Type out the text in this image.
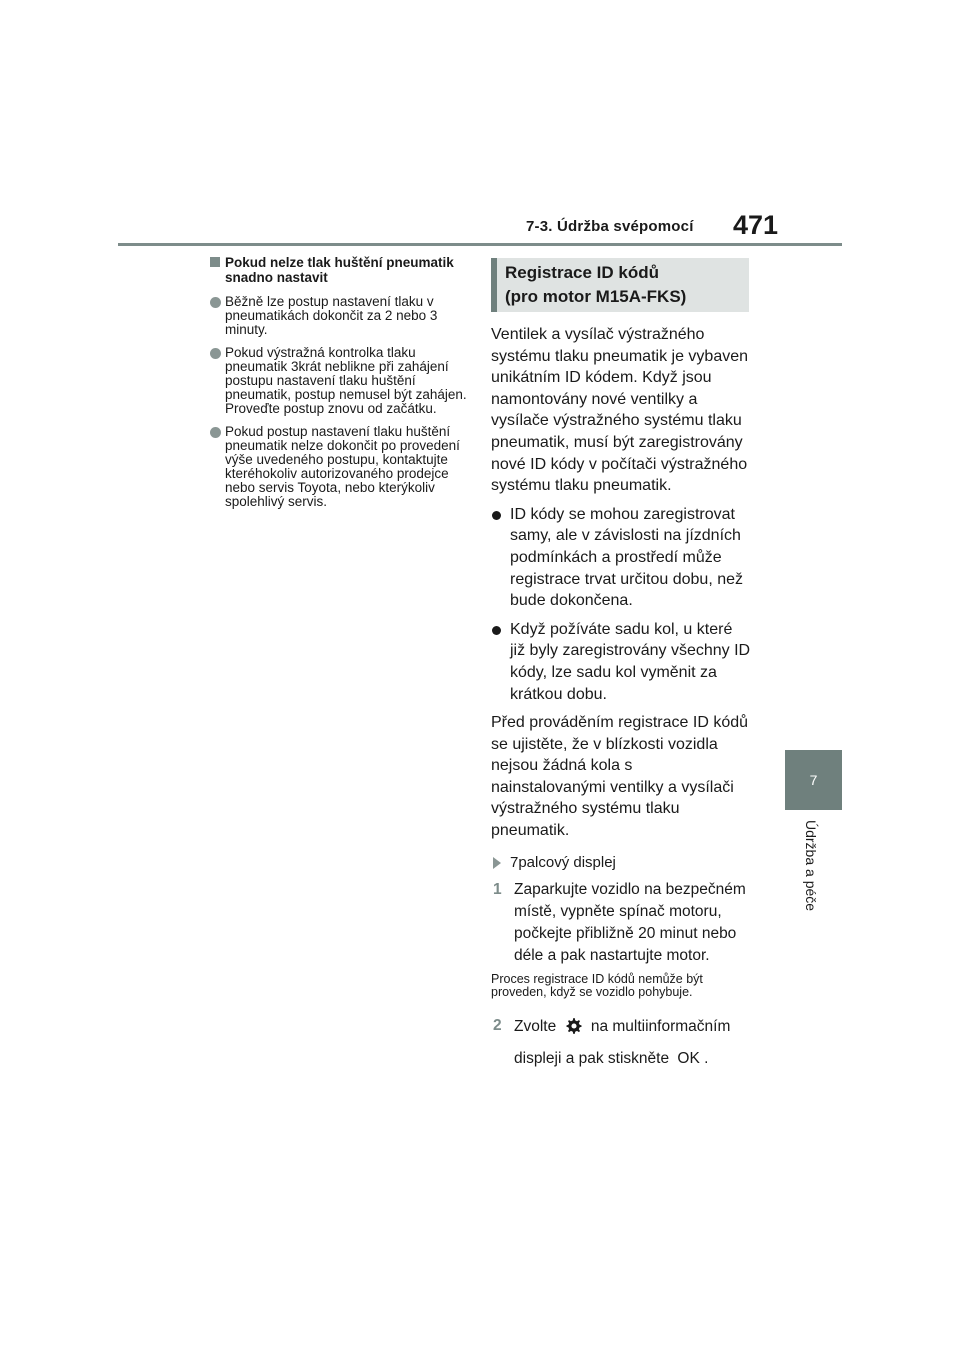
7-3. Údržba svépomocí 471
7
Údržba a péče
Pokud nelze tlak huštění pneumatik snadno nastavit
Běžně lze postup nastavení tlaku v pneumatikách dokončit za 2 nebo 3 minuty.
Pokud výstražná kontrolka tlaku pneumatik 3krát neblikne při zahájení postupu nastavení tlaku huštění pneumatik, postup nemusel být zahájen. Proveďte postup znovu od začátku.
Pokud postup nastavení tlaku huštění pneumatik nelze dokončit po provedení výše uvedeného postupu, kontaktujte kteréhokoliv autorizovaného prodejce nebo servis Toyota, nebo kterýkoliv spolehlivý servis.
Registrace ID kódů
(pro motor M15A-FKS)
Ventilek a vysílač výstražného systému tlaku pneumatik je vybaven unikátním ID kódem. Když jsou namontovány nové ventilky a vysílače výstražného systému tlaku pneumatik, musí být zaregistrovány nové ID kódy v počítači výstražného systému tlaku pneumatik.
ID kódy se mohou zaregistrovat samy, ale v závislosti na jízdních podmínkách a prostředí může registrace trvat určitou dobu, než bude dokončena.
Když požíváte sadu kol, u které již byly zaregistrovány všechny ID kódy, lze sadu kol vyměnit za krátkou dobu.
Před prováděním registrace ID kódů se ujistěte, že v blízkosti vozidla nejsou žádná kola s nainstalovanými ventilky a vysílači výstražného systému tlaku pneumatik.
7palcový displej
1 Zaparkujte vozidlo na bezpečném místě, vypněte spínač motoru, počkejte přibližně 20 minut nebo déle a pak nastartujte motor.
Proces registrace ID kódů nemůže být proveden, když se vozidlo pohybuje.
2 Zvolte na multiinformačním
displeji a pak stiskněte OK .
